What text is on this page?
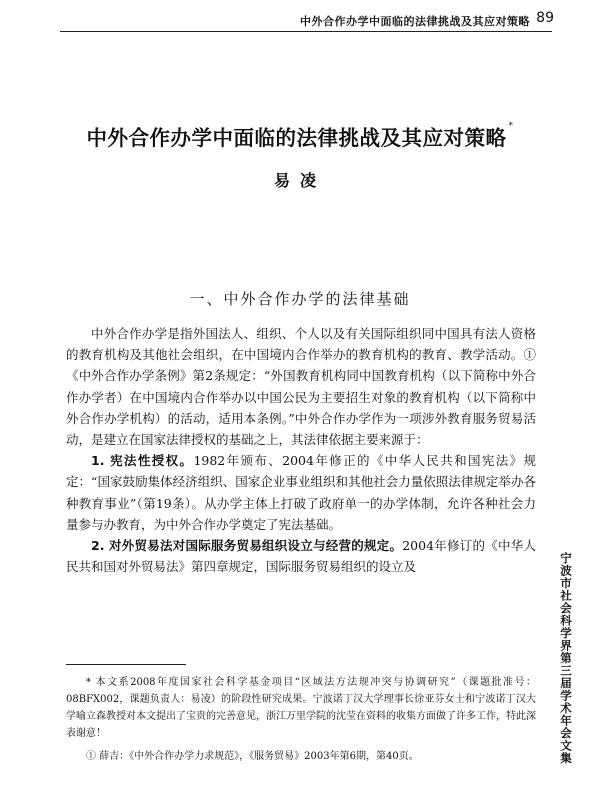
中外合作办学中面临的法律挑战及其应对策略 89
中外合作办学中面临的法律挑战及其应对策略 *
易凌
一、中外合作办学的法律基础

中外合作办学是指外国法人、组织、个人以及有关国际组织同中国具有法人资格的教育机构及其他社会组织，在中国境内合作举办的教育机构的教育、教学活动。①《中外合作办学条例》第2条规定：“外国教育机构同中国教育机构（以下简称中外合作办学者）在中国境内合作举办以中国公民为主要招生对象的教育机构（以下简称中外合作办学机构）的活动，适用本条例。”中外合作办学作为一项涉外教育服务贸易活动，是建立在国家法律授权的基础之上，其法律依据主要来源于：

1. 宪法性授权。1982年颁布、2004年修正的《中华人民共和国宪法》规定：“国家鼓励集体经济组织、国家企业事业组织和其他社会力量依照法律规定举办各种教育事业”（第19条）。从办学主体上打破了政府单一的办学体制，允许各种社会力量参与办教育，为中外合作办学奠定了宪法基础。

2. 对外贸易法对国际服务贸易组织设立与经营的规定。2004年修订的《中华人民共和国对外贸易法》第四章规定，国际服务贸易组织的设立及	宁波市社会科学界第三届学术年会文集

* 本文系2008年度国家社会科学基金项目“区域法方法规冲突与协调研究”（课题批准号：08BFX002，课题负责人：易凌）的阶段性研究成果。宁波诺丁汉大学理事长徐亚芬女士和宁波诺丁汉大学喻立森教授对本文提出了宝贵的完善意见，浙江万里学院的沈莹在资料的收集方面做了许多工作，特此深表谢意！

① 薛吉：《中外合作办学力求规范》，《服务贸易》2003年第6期，第40页。
